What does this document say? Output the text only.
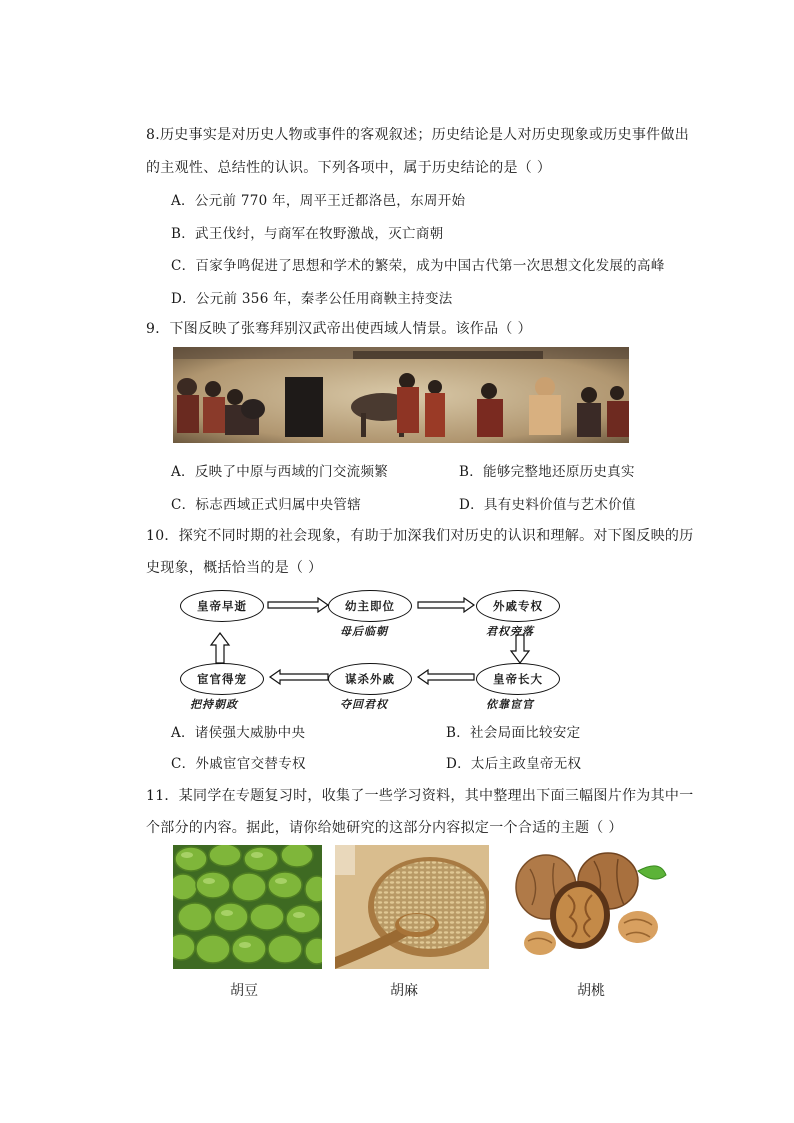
8.历史事实是对历史人物或事件的客观叙述；历史结论是人对历史现象或历史事件做出
的主观性、总结性的认识。下列各项中，属于历史结论的是（ ）
A．公元前 770 年，周平王迁都洛邑，东周开始
B．武王伐纣，与商军在牧野激战，灭亡商朝
C．百家争鸣促进了思想和学术的繁荣，成为中国古代第一次思想文化发展的高峰
D．公元前 356 年，秦孝公任用商鞅主持变法
9．下图反映了张骞拜别汉武帝出使西域人情景。该作品（ ）
A．反映了中原与西域的门交流频繁	B．能够完整地还原历史真实
C．标志西域正式归属中央管辖	D．具有史料价值与艺术价值
10．探究不同时期的社会现象，有助于加深我们对历史的认识和理解。对下图反映的历
史现象，概括恰当的是（ ）
皇帝早逝	幼主即位
母后临朝
外戚专权
君权旁落
皇帝长大
依靠宦官
谋杀外戚
夺回君权
宦官得宠
把持朝政
A．诸侯强大威胁中央	B．社会局面比较安定
C．外戚宦官交替专权	D．太后主政皇帝无权
11．某同学在专题复习时，收集了一些学习资料，其中整理出下面三幅图片作为其中一
个部分的内容。据此，请你给她研究的这部分内容拟定一个合适的主题（ ）
胡豆	胡麻	胡桃
